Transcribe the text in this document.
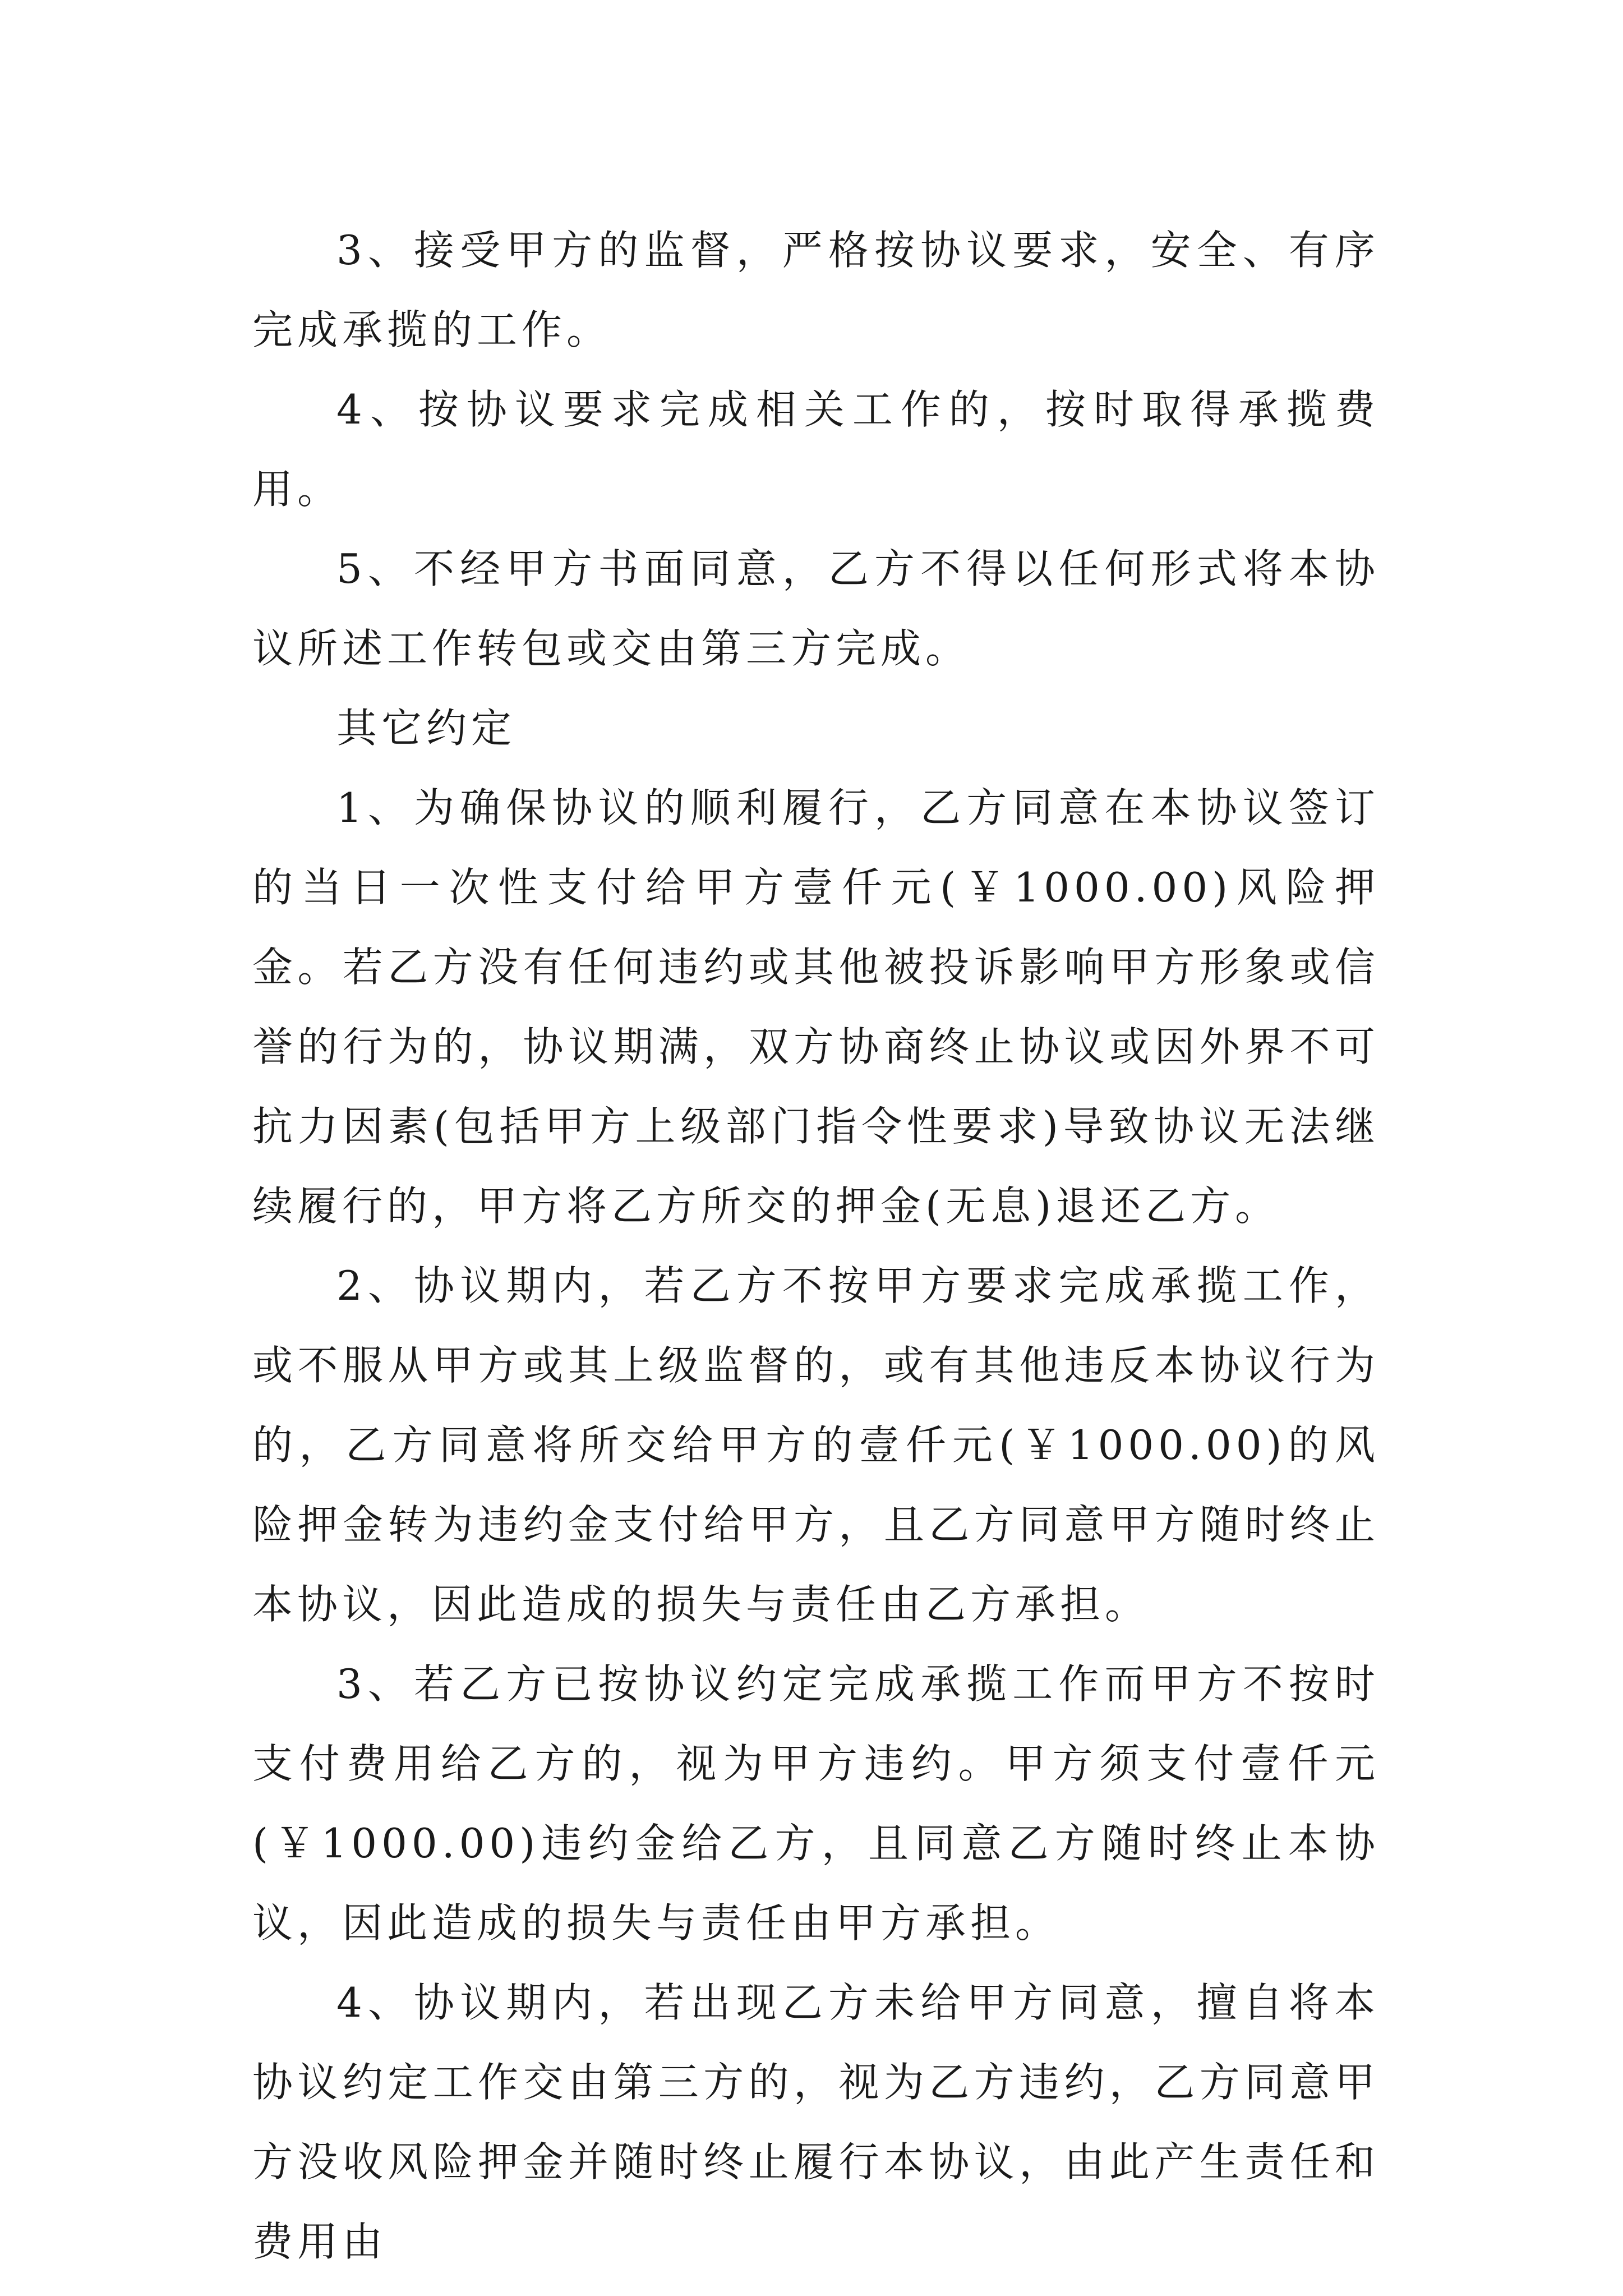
3、接受甲方的监督，严格按协议要求，安全、有序完成承揽的工作。

4、按协议要求完成相关工作的，按时取得承揽费用。

5、不经甲方书面同意，乙方不得以任何形式将本协议所述工作转包或交由第三方完成。

其它约定

1、为确保协议的顺利履行，乙方同意在本协议签订的当日一次性支付给甲方壹仟元(￥1000.00)风险押金。若乙方没有任何违约或其他被投诉影响甲方形象或信誉的行为的，协议期满，双方协商终止协议或因外界不可抗力因素(包括甲方上级部门指令性要求)导致协议无法继续履行的，甲方将乙方所交的押金(无息)退还乙方。

2、协议期内，若乙方不按甲方要求完成承揽工作，或不服从甲方或其上级监督的，或有其他违反本协议行为的，乙方同意将所交给甲方的壹仟元(￥1000.00)的风险押金转为违约金支付给甲方，且乙方同意甲方随时终止本协议，因此造成的损失与责任由乙方承担。

3、若乙方已按协议约定完成承揽工作而甲方不按时支付费用给乙方的，视为甲方违约。甲方须支付壹仟元(￥1000.00)违约金给乙方，且同意乙方随时终止本协议，因此造成的损失与责任由甲方承担。

4、协议期内，若出现乙方未给甲方同意，擅自将本协议约定工作交由第三方的，视为乙方违约，乙方同意甲方没收风险押金并随时终止履行本协议，由此产生责任和费用由
